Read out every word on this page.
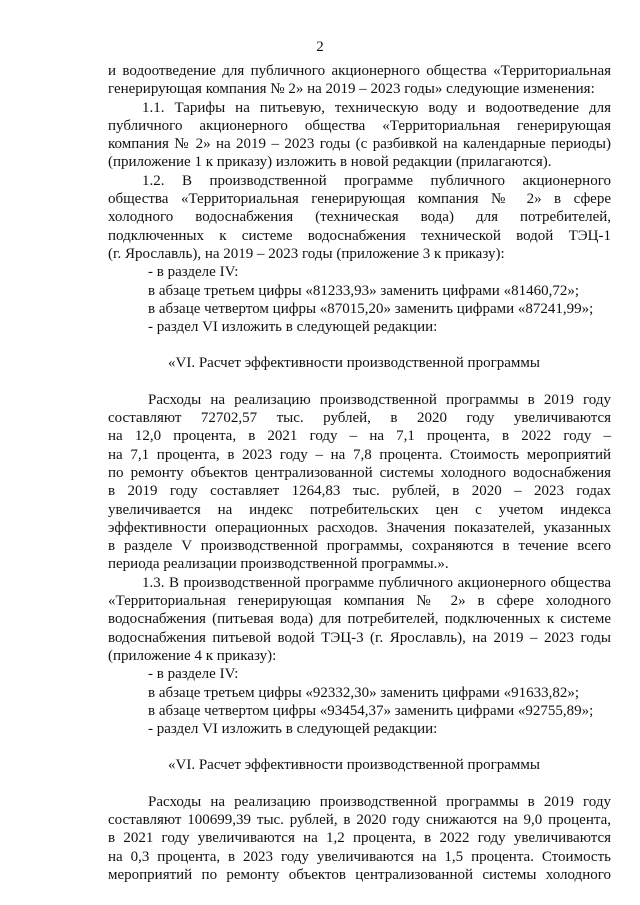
2
и водоотведение для публичного акционерного общества «Территориальная
генерирующая компания № 2» на 2019 – 2023 годы» следующие изменения:
1.1. Тарифы на питьевую, техническую воду и водоотведение для
публичного акционерного общества «Территориальная генерирующая
компания № 2» на 2019 – 2023 годы (с разбивкой на календарные периоды)
(приложение 1 к приказу) изложить в новой редакции (прилагаются).
1.2. В производственной программе публичного акционерного
общества «Территориальная генерирующая компания № 2» в сфере
холодного водоснабжения (техническая вода) для потребителей,
подключенных к системе водоснабжения технической водой ТЭЦ-1
(г. Ярославль), на 2019 – 2023 годы (приложение 3 к приказу):
- в разделе IV:
в абзаце третьем цифры «81233,93» заменить цифрами «81460,72»;
в абзаце четвертом цифры «87015,20» заменить цифрами «87241,99»;
- раздел VI изложить в следующей редакции:
«VI. Расчет эффективности производственной программы
Расходы на реализацию производственной программы в 2019 году
составляют 72702,57 тыс. рублей, в 2020 году увеличиваются
на 12,0 процента, в 2021 году – на 7,1 процента, в 2022 году –
на 7,1 процента, в 2023 году – на 7,8 процента. Стоимость мероприятий
по ремонту объектов централизованной системы холодного водоснабжения
в 2019 году составляет 1264,83 тыс. рублей, в 2020 – 2023 годах
увеличивается на индекс потребительских цен с учетом индекса
эффективности операционных расходов. Значения показателей, указанных
в разделе V производственной программы, сохраняются в течение всего
периода реализации производственной программы.».
1.3. В производственной программе публичного акционерного общества
«Территориальная генерирующая компания № 2» в сфере холодного
водоснабжения (питьевая вода) для потребителей, подключенных к системе
водоснабжения питьевой водой ТЭЦ-3 (г. Ярославль), на 2019 – 2023 годы
(приложение 4 к приказу):
- в разделе IV:
в абзаце третьем цифры «92332,30» заменить цифрами «91633,82»;
в абзаце четвертом цифры «93454,37» заменить цифрами «92755,89»;
- раздел VI изложить в следующей редакции:
«VI. Расчет эффективности производственной программы
Расходы на реализацию производственной программы в 2019 году
составляют 100699,39 тыс. рублей, в 2020 году снижаются на 9,0 процента,
в 2021 году увеличиваются на 1,2 процента, в 2022 году увеличиваются
на 0,3 процента, в 2023 году увеличиваются на 1,5 процента. Стоимость
мероприятий по ремонту объектов централизованной системы холодного
